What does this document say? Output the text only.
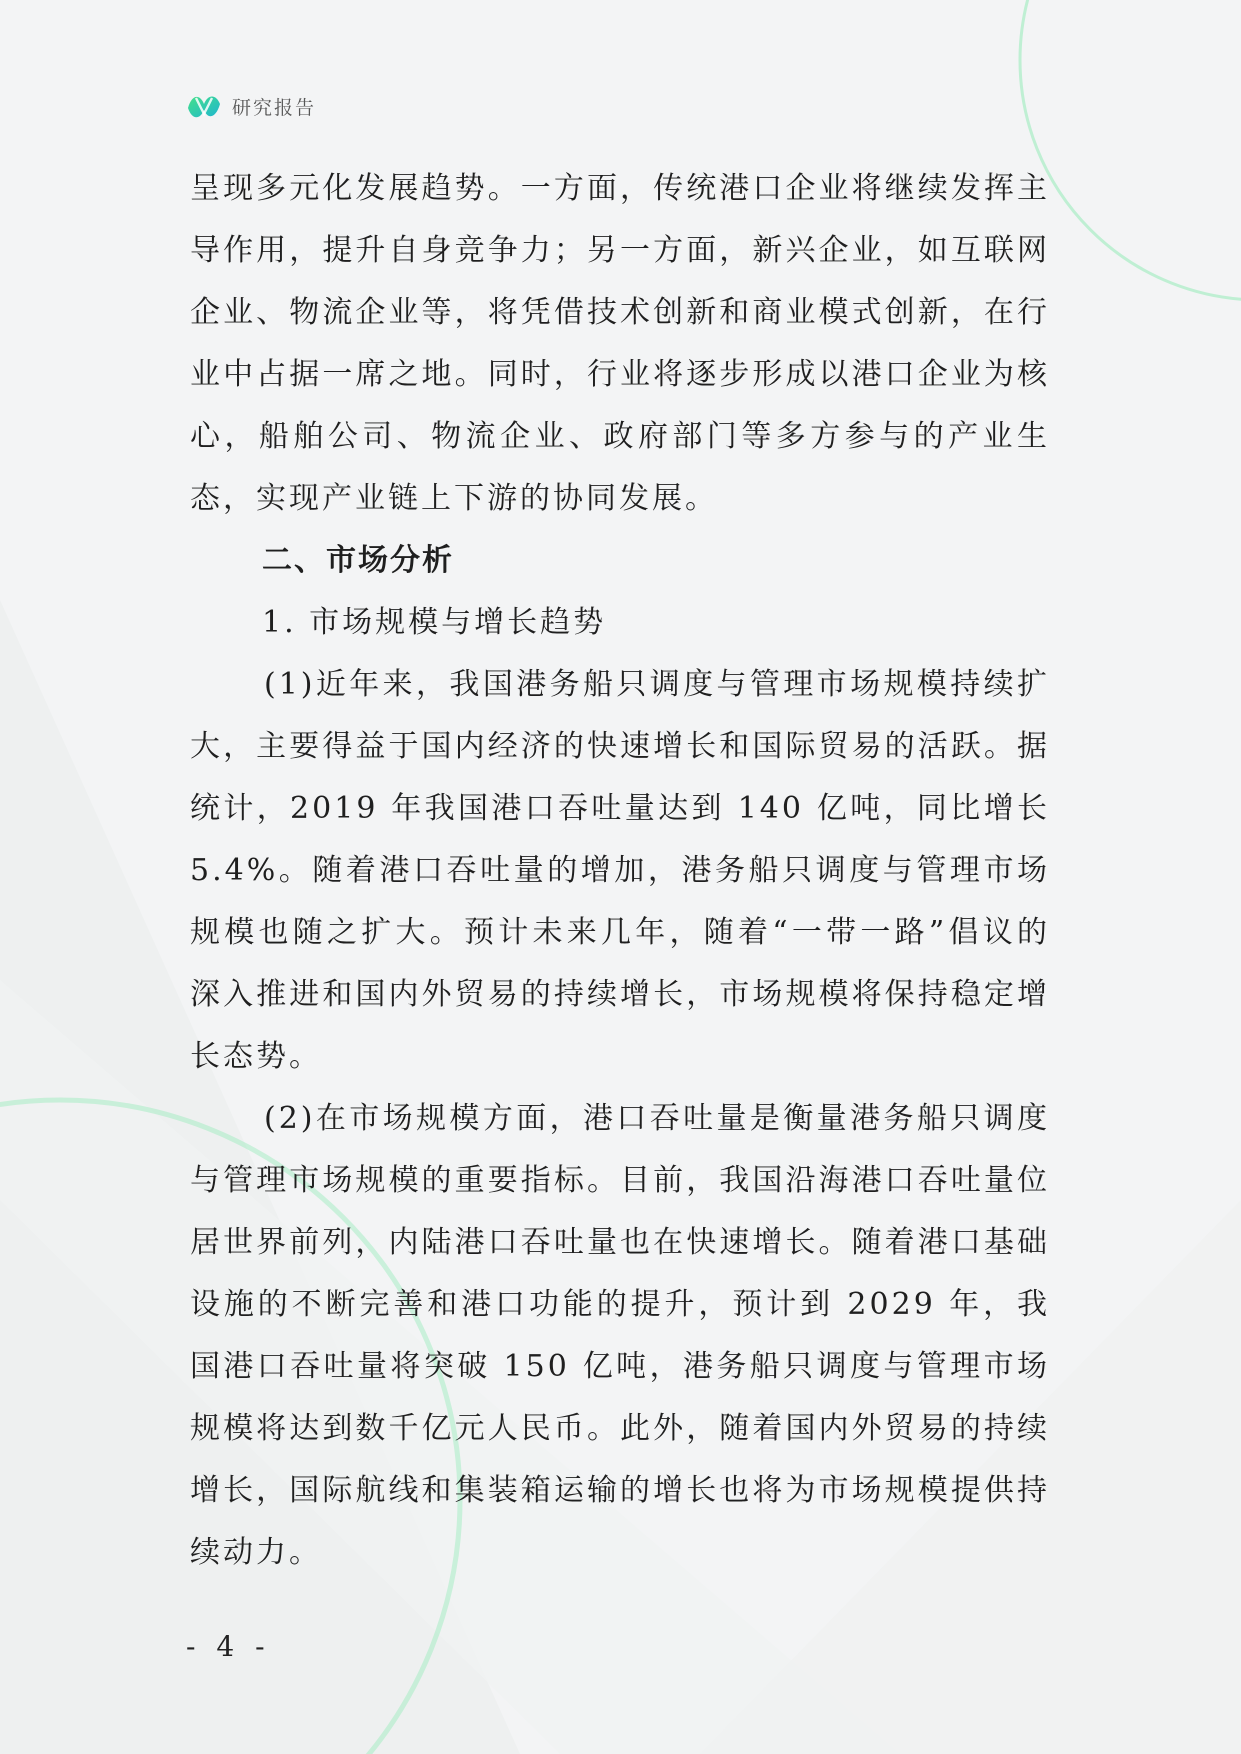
研究报告

呈现多元化发展趋势。一方面，传统港口企业将继续发挥主导作用，提升自身竞争力；另一方面，新兴企业，如互联网企业、物流企业等，将凭借技术创新和商业模式创新，在行业中占据一席之地。同时，行业将逐步形成以港口企业为核心，船舶公司、物流企业、政府部门等多方参与的产业生态，实现产业链上下游的协同发展。

二、市场分析

1. 市场规模与增长趋势

(1)近年来，我国港务船只调度与管理市场规模持续扩大，主要得益于国内经济的快速增长和国际贸易的活跃。据统计，2019 年我国港口吞吐量达到 140 亿吨，同比增长 5.4%。随着港口吞吐量的增加，港务船只调度与管理市场规模也随之扩大。预计未来几年，随着“一带一路”倡议的深入推进和国内外贸易的持续增长，市场规模将保持稳定增长态势。

(2)在市场规模方面，港口吞吐量是衡量港务船只调度与管理市场规模的重要指标。目前，我国沿海港口吞吐量位居世界前列，内陆港口吞吐量也在快速增长。随着港口基础设施的不断完善和港口功能的提升，预计到 2029 年，我国港口吞吐量将突破 150 亿吨，港务船只调度与管理市场规模将达到数千亿元人民币。此外，随着国内外贸易的持续增长，国际航线和集装箱运输的增长也将为市场规模提供持续动力。

- 4 -
